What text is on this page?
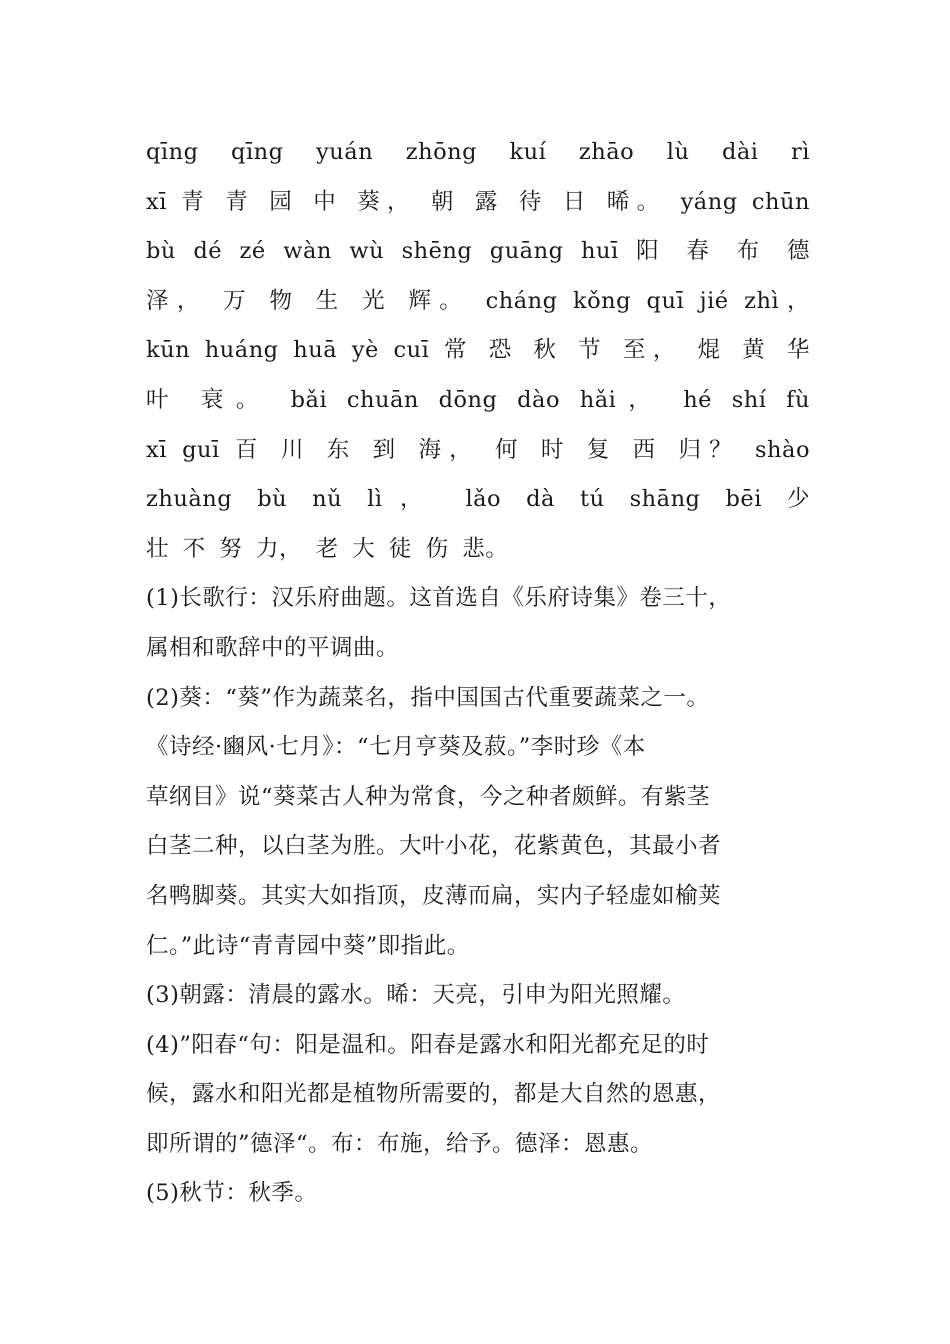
qīng qīng yuán zhōng kuí zhāo lù dài rì
xī 青 青 园 中 葵， 朝 露 待 日 晞。 yáng chūn
bù dé zé wàn wù shēng guāng huī 阳 春 布 德
泽， 万 物 生 光 辉。 cháng kǒng quī jié zhì，
kūn huáng huā yè cuī 常 恐 秋 节 至， 焜 黄 华
叶 衰。 bǎi chuān dōng dào hǎi， hé shí fù
xī guī 百 川 东 到 海， 何 时 复 西 归？ shào
zhuàng bù nǔ lì， lǎo dà tú shāng bēi 少
壮 不 努 力， 老 大 徒 伤 悲。
(1)长歌行：汉乐府曲题。这首选自《乐府诗集》卷三十，
属相和歌辞中的平调曲。
(2)葵：“葵”作为蔬菜名，指中国国古代重要蔬菜之一。
《诗经·豳风·七月》：“七月亨葵及菽。”李时珍《本
草纲目》说“葵菜古人种为常食，今之种者颇鲜。有紫茎
白茎二种，以白茎为胜。大叶小花，花紫黄色，其最小者
名鸭脚葵。其实大如指顶，皮薄而扁，实内子轻虚如榆荚
仁。”此诗“青青园中葵”即指此。
(3)朝露：清晨的露水。晞：天亮，引申为阳光照耀。
(4)”阳春“句：阳是温和。阳春是露水和阳光都充足的时
候，露水和阳光都是植物所需要的，都是大自然的恩惠，
即所谓的”德泽“。布：布施，给予。德泽：恩惠。
(5)秋节：秋季。
